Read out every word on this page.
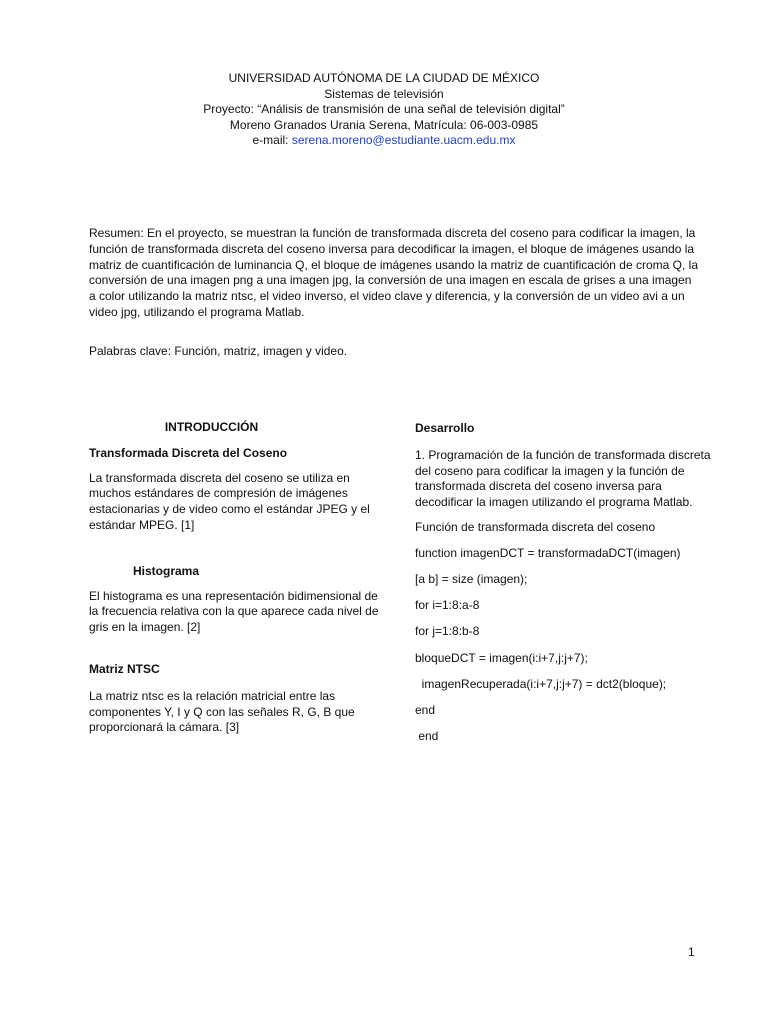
UNIVERSIDAD AUTÓNOMA DE LA CIUDAD DE MÉXICO
Sistemas de televisión
Proyecto: “Análisis de transmisión de una señal de televisión digital”
Moreno Granados Urania Serena, Matrícula: 06-003-0985
e-mail: serena.moreno@estudiante.uacm.edu.mx

Resumen: En el proyecto, se muestran la función de transformada discreta del coseno para codificar la imagen, la función de transformada discreta del coseno inversa para decodificar la imagen, el bloque de imágenes usando la matriz de cuantificación de luminancia Q, el bloque de imágenes usando la matriz de cuantificación de croma Q, la conversión de una imagen png a una imagen jpg, la conversión de una imagen en escala de grises a una imagen a color utilizando la matriz ntsc, el video inverso, el video clave y diferencia, y la conversión de un video avi a un video jpg, utilizando el programa Matlab.

Palabras clave: Función, matriz, imagen y video.

INTRODUCCIÓN
Transformada Discreta del Coseno

La transformada discreta del coseno se utiliza en muchos estándares de compresión de imágenes estacionarias y de video como el estándar JPEG y el estándar MPEG. [1]

Histograma

El histograma es una representación bidimensional de la frecuencia relativa con la que aparece cada nivel de gris en la imagen. [2]

Matriz NTSC

La matriz ntsc es la relación matricial entre las componentes Y, I y Q con las señales R, G, B que proporcionará la cámara. [3]

Desarrollo

1. Programación de la función de transformada discreta del coseno para codificar la imagen y la función de transformada discreta del coseno inversa para decodificar la imagen utilizando el programa Matlab.

Función de transformada discreta del coseno

function imagenDCT = transformadaDCT(imagen)
[a b] = size (imagen);
for i=1:8:a-8
for j=1:8:b-8
bloqueDCT = imagen(i:i+7,j:j+7);
imagenRecuperada(i:i+7,j:j+7) = dct2(bloque);
end
end
1
